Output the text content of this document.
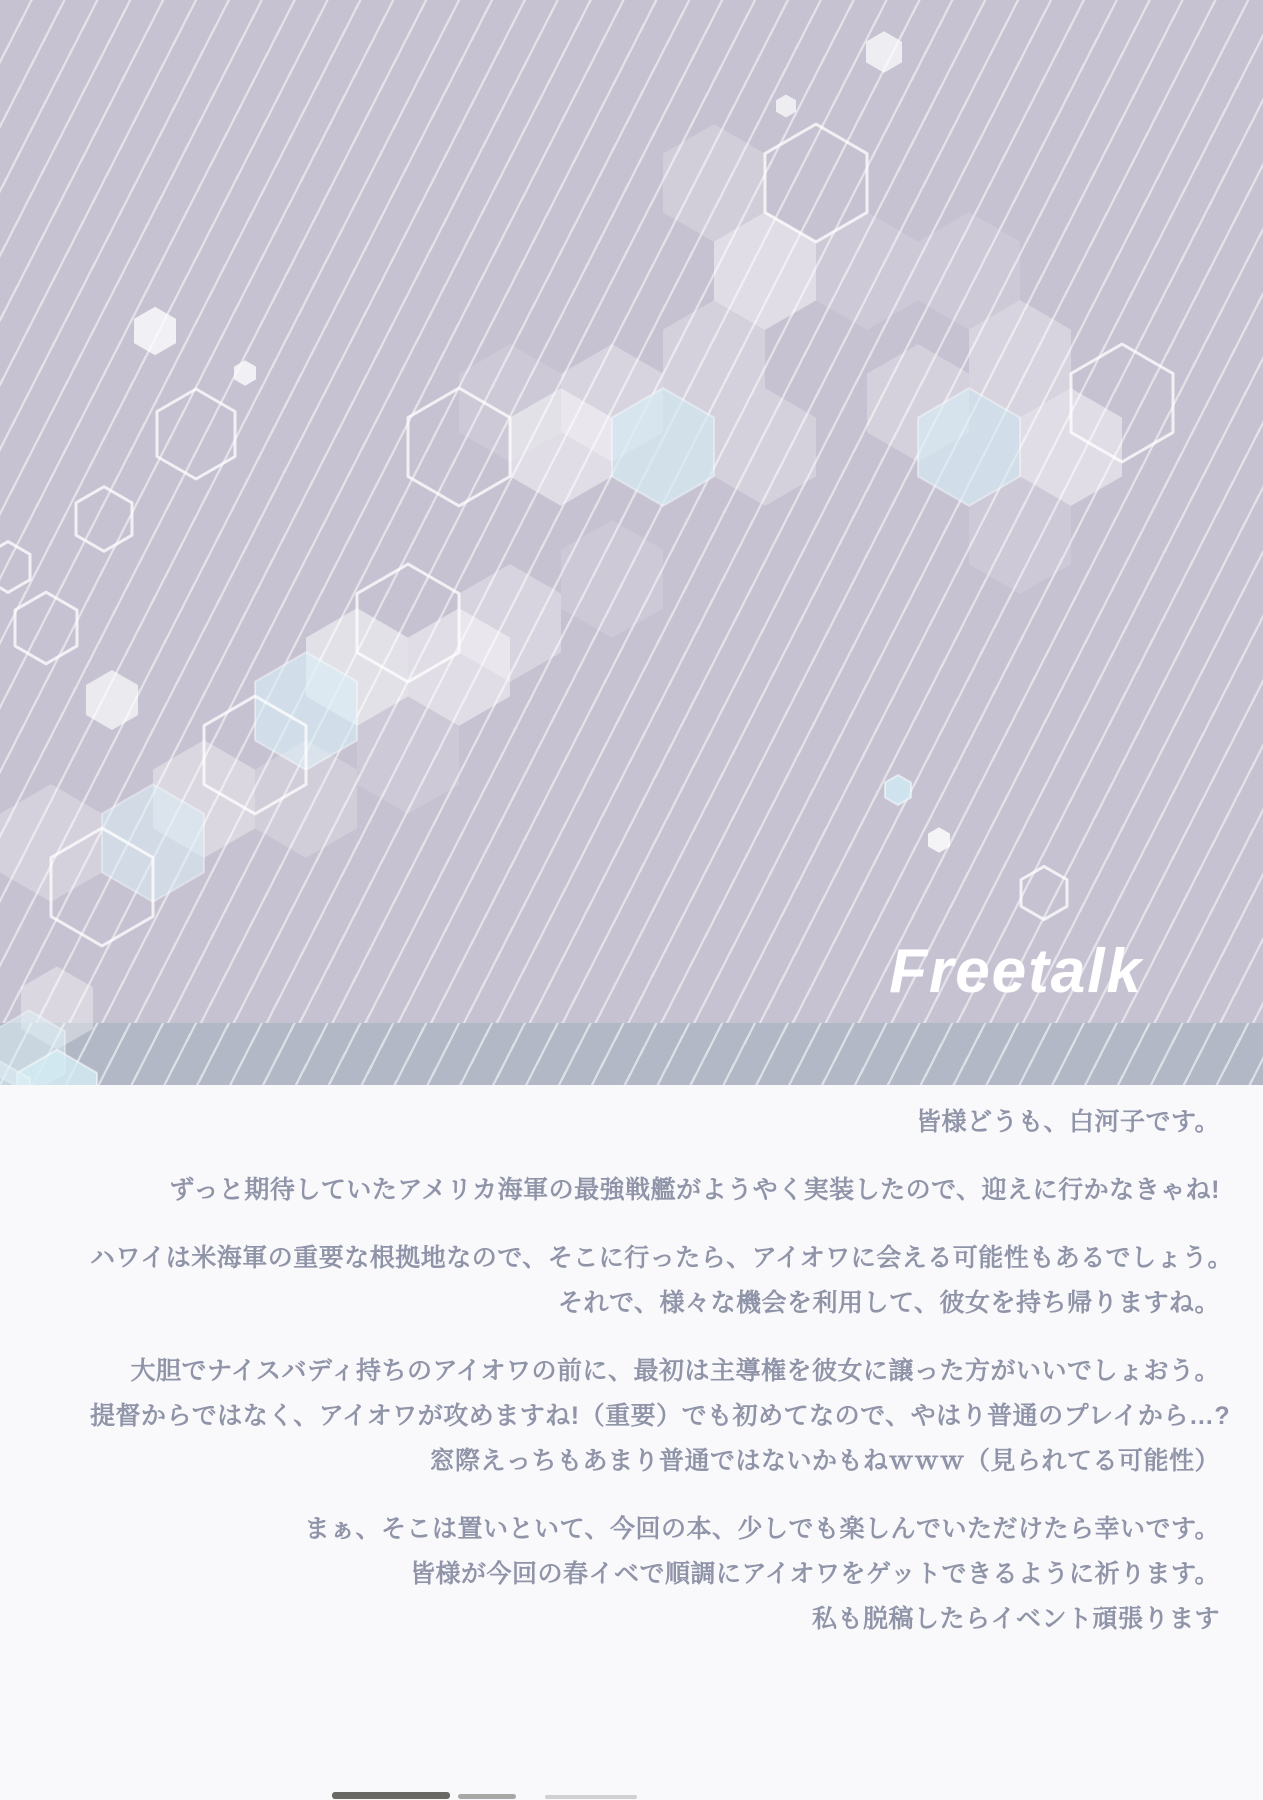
Freetalk
皆様どうも、白河子です。
ずっと期待していたアメリカ海軍の最強戦艦がようやく実装したので、迎えに行かなきゃね!
ハワイは米海軍の重要な根拠地なので、そこに行ったら、アイオワに会える可能性もあるでしょう。
それで、様々な機会を利用して、彼女を持ち帰りますね。
大胆でナイスバディ持ちのアイオワの前に、最初は主導権を彼女に譲った方がいいでしょおう。
提督からではなく、アイオワが攻めますね!（重要）でも初めてなので、やはり普通のプレイから…?
窓際えっちもあまり普通ではないかもねｗｗｗ（見られてる可能性）
まぁ、そこは置いといて、今回の本、少しでも楽しんでいただけたら幸いです。
皆様が今回の春イベで順調にアイオワをゲットできるように祈ります。
私も脱稿したらイベント頑張ります
